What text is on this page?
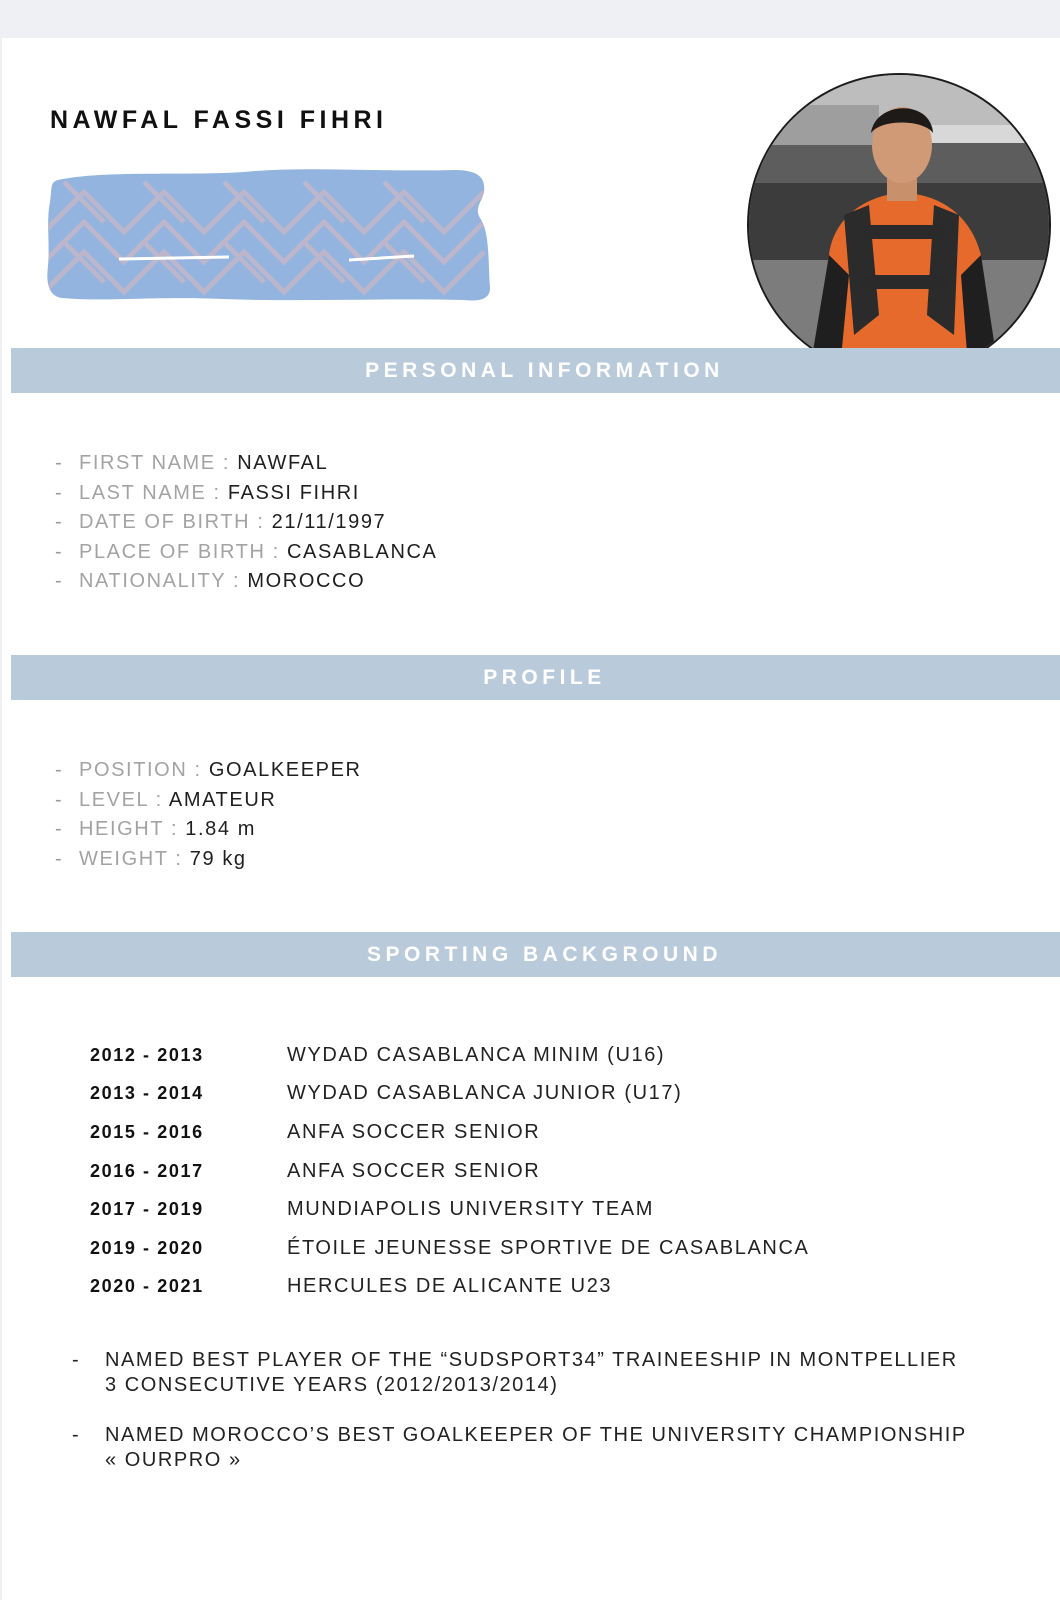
NAWFAL FASSI FIHRI
PERSONAL INFORMATION
- FIRST NAME : NAWFAL
- LAST NAME : FASSI FIHRI
- DATE OF BIRTH : 21/11/1997
- PLACE OF BIRTH : CASABLANCA
- NATIONALITY : MOROCCO
PROFILE
- POSITION : GOALKEEPER
- LEVEL : AMATEUR
- HEIGHT : 1.84 m
- WEIGHT : 79 kg
SPORTING BACKGROUND
2012 - 2013	WYDAD CASABLANCA MINIM (U16)
2013 - 2014	WYDAD CASABLANCA JUNIOR (U17)
2015 - 2016	ANFA SOCCER SENIOR
2016 - 2017	ANFA SOCCER SENIOR
2017 - 2019	MUNDIAPOLIS UNIVERSITY TEAM
2019 - 2020	ÉTOILE JEUNESSE SPORTIVE DE CASABLANCA
2020 - 2021	HERCULES DE ALICANTE U23
- NAMED BEST PLAYER OF THE “SUDSPORT34” TRAINEESHIP IN MONTPELLIER
3 CONSECUTIVE YEARS (2012/2013/2014)
- NAMED MOROCCO’S BEST GOALKEEPER OF THE UNIVERSITY CHAMPIONSHIP
« OURPRO »
